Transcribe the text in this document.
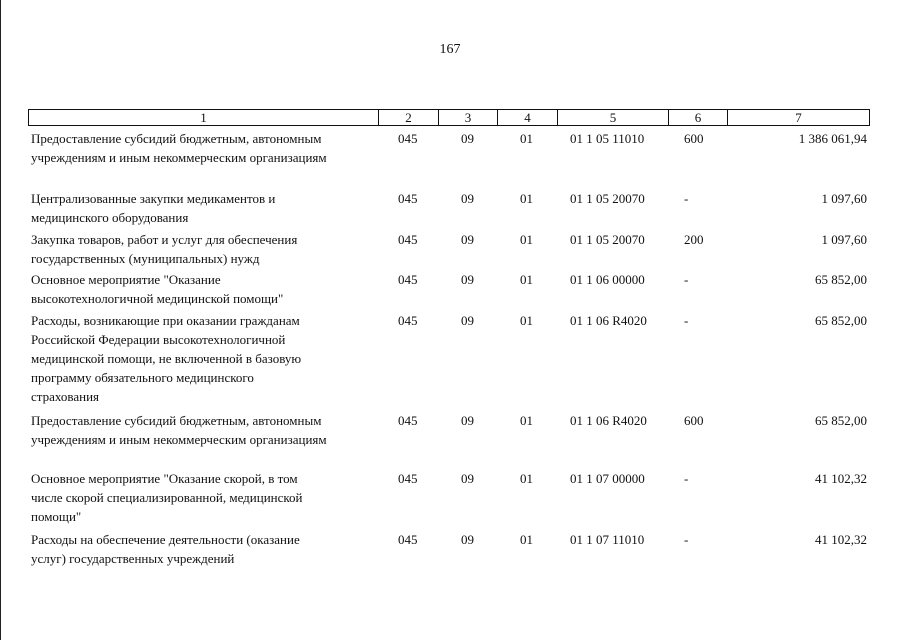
167
1	2	3	4	5	6	7
Предоставление субсидий бюджетным, автономным
учреждениям и иным некоммерческим организациям
045	09	01	01 1 05 11010	600	1 386 061,94
Централизованные закупки медикаментов и
медицинского оборудования
045	09	01	01 1 05 20070	-	1 097,60
Закупка товаров, работ и услуг для обеспечения
государственных (муниципальных) нужд
045	09	01	01 1 05 20070	200	1 097,60
Основное мероприятие "Оказание
высокотехнологичной медицинской помощи"
045	09	01	01 1 06 00000	-	65 852,00
Расходы, возникающие при оказании гражданам
Российской Федерации высокотехнологичной
медицинской помощи, не включенной в базовую
программу обязательного медицинского
страхования
045	09	01	01 1 06 R4020	-	65 852,00
Предоставление субсидий бюджетным, автономным
учреждениям и иным некоммерческим организациям
045	09	01	01 1 06 R4020	600	65 852,00
Основное мероприятие "Оказание скорой, в том
числе скорой специализированной, медицинской
помощи"
045	09	01	01 1 07 00000	-	41 102,32
Расходы на обеспечение деятельности (оказание
услуг) государственных учреждений
045	09	01	01 1 07 11010	-	41 102,32
